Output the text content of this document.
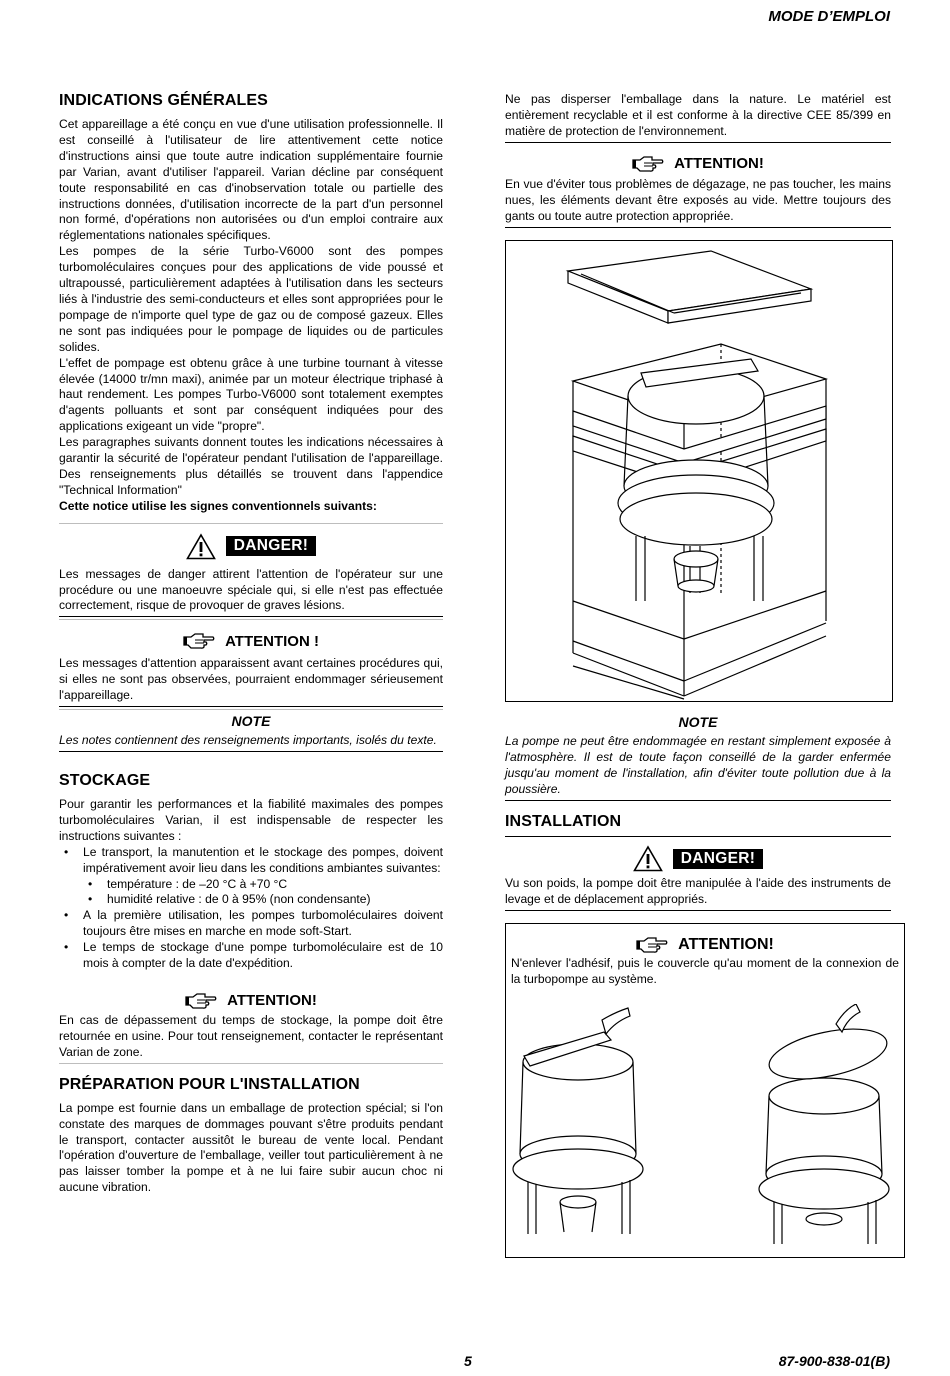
MODE D’EMPLOI
INDICATIONS GÉNÉRALES

Cet appareillage a été conçu en vue d'une utilisation professionnelle. Il est conseillé à l'utilisateur de lire attentivement cette notice d'instructions ainsi que toute autre indication supplémentaire fournie par Varian, avant d'utiliser l'appareil. Varian décline par conséquent toute responsabilité en cas d'inobservation totale ou partielle des instructions données, d'utilisation incorrecte de la part d'un personnel non formé, d'opérations non autorisées ou d'un emploi contraire aux réglementations nationales spécifiques.

Les pompes de la série Turbo-V6000 sont des pompes turbomoléculaires conçues pour des applications de vide poussé et ultrapoussé, particulièrement adaptées à l'utilisation dans les secteurs liés à l'industrie des semi-conducteurs et elles sont appropriées pour le pompage de n'importe quel type de gaz ou de composé gazeux. Elles ne sont pas indiquées pour le pompage de liquides ou de particules solides.

L'effet de pompage est obtenu grâce à une turbine tournant à vitesse élevée (14000 tr/mn maxi), animée par un moteur électrique triphasé à haut rendement. Les pompes Turbo-V6000 sont totalement exemptes d'agents polluants et sont par conséquent indiquées pour des applications exigeant un vide "propre".

Les paragraphes suivants donnent toutes les indications nécessaires à garantir la sécurité de l'opérateur pendant l'utilisation de l'appareillage. Des renseignements plus détaillés se trouvent dans l'appendice "Technical Information"

Cette notice utilise les signes conventionnels suivants:

DANGER!

Les messages de danger attirent l'attention de l'opérateur sur une procédure ou une manoeuvre spéciale qui, si elle n'est pas effectuée correctement, risque de provoquer de graves lésions.

ATTENTION !

Les messages d'attention apparaissent avant certaines procédures qui, si elles ne sont pas observées, pourraient endommager sérieusement l'appareillage.

NOTE

Les notes contiennent des renseignements importants, isolés du texte.

STOCKAGE

Pour garantir les performances et la fiabilité maximales des pompes turbomoléculaires Varian, il est indispensable de respecter les instructions suivantes :

• Le transport, la manutention et le stockage des pompes, doivent impérativement avoir lieu dans les conditions ambiantes suivantes:
• température : de –20 °C à +70 °C
• humidité relative : de 0 à 95% (non condensante)
• A la première utilisation, les pompes turbomoléculaires doivent toujours être mises en marche en mode soft-Start.
• Le temps de stockage d'une pompe turbomoléculaire est de 10 mois à compter de la date d'expédition.
ATTENTION!

En cas de dépassement du temps de stockage, la pompe doit être retournée en usine. Pour tout renseignement, contacter le représentant Varian de zone.

PRÉPARATION POUR L'INSTALLATION

La pompe est fournie dans un emballage de protection spécial; si l'on constate des marques de dommages pouvant s'être produits pendant le transport, contacter aussitôt le bureau de vente local. Pendant l'opération d'ouverture de l'emballage, veiller tout particulièrement à ne pas laisser tomber la pompe et à ne lui faire subir aucun choc ni aucune vibration.

Ne pas disperser l'emballage dans la nature. Le matériel est entièrement recyclable et il est conforme à la directive CEE 85/399 en matière de protection de l'environnement.

ATTENTION!

En vue d'éviter tous problèmes de dégazage, ne pas toucher, les mains nues, les éléments devant être exposés au vide. Mettre toujours des gants ou toute autre protection appropriée.

NOTE

La pompe ne peut être endommagée en restant simplement exposée à l'atmosphère. Il est de toute façon conseillé de la garder enfermée jusqu'au moment de l'installation, afin d'éviter toute pollution due à la poussière.

INSTALLATION
DANGER!

Vu son poids, la pompe doit être manipulée à l'aide des instruments de levage et de déplacement appropriés.

ATTENTION!

N'enlever l'adhésif, puis le couvercle qu'au moment de la connexion de la turbopompe au système.

5	87-900-838-01(B)
